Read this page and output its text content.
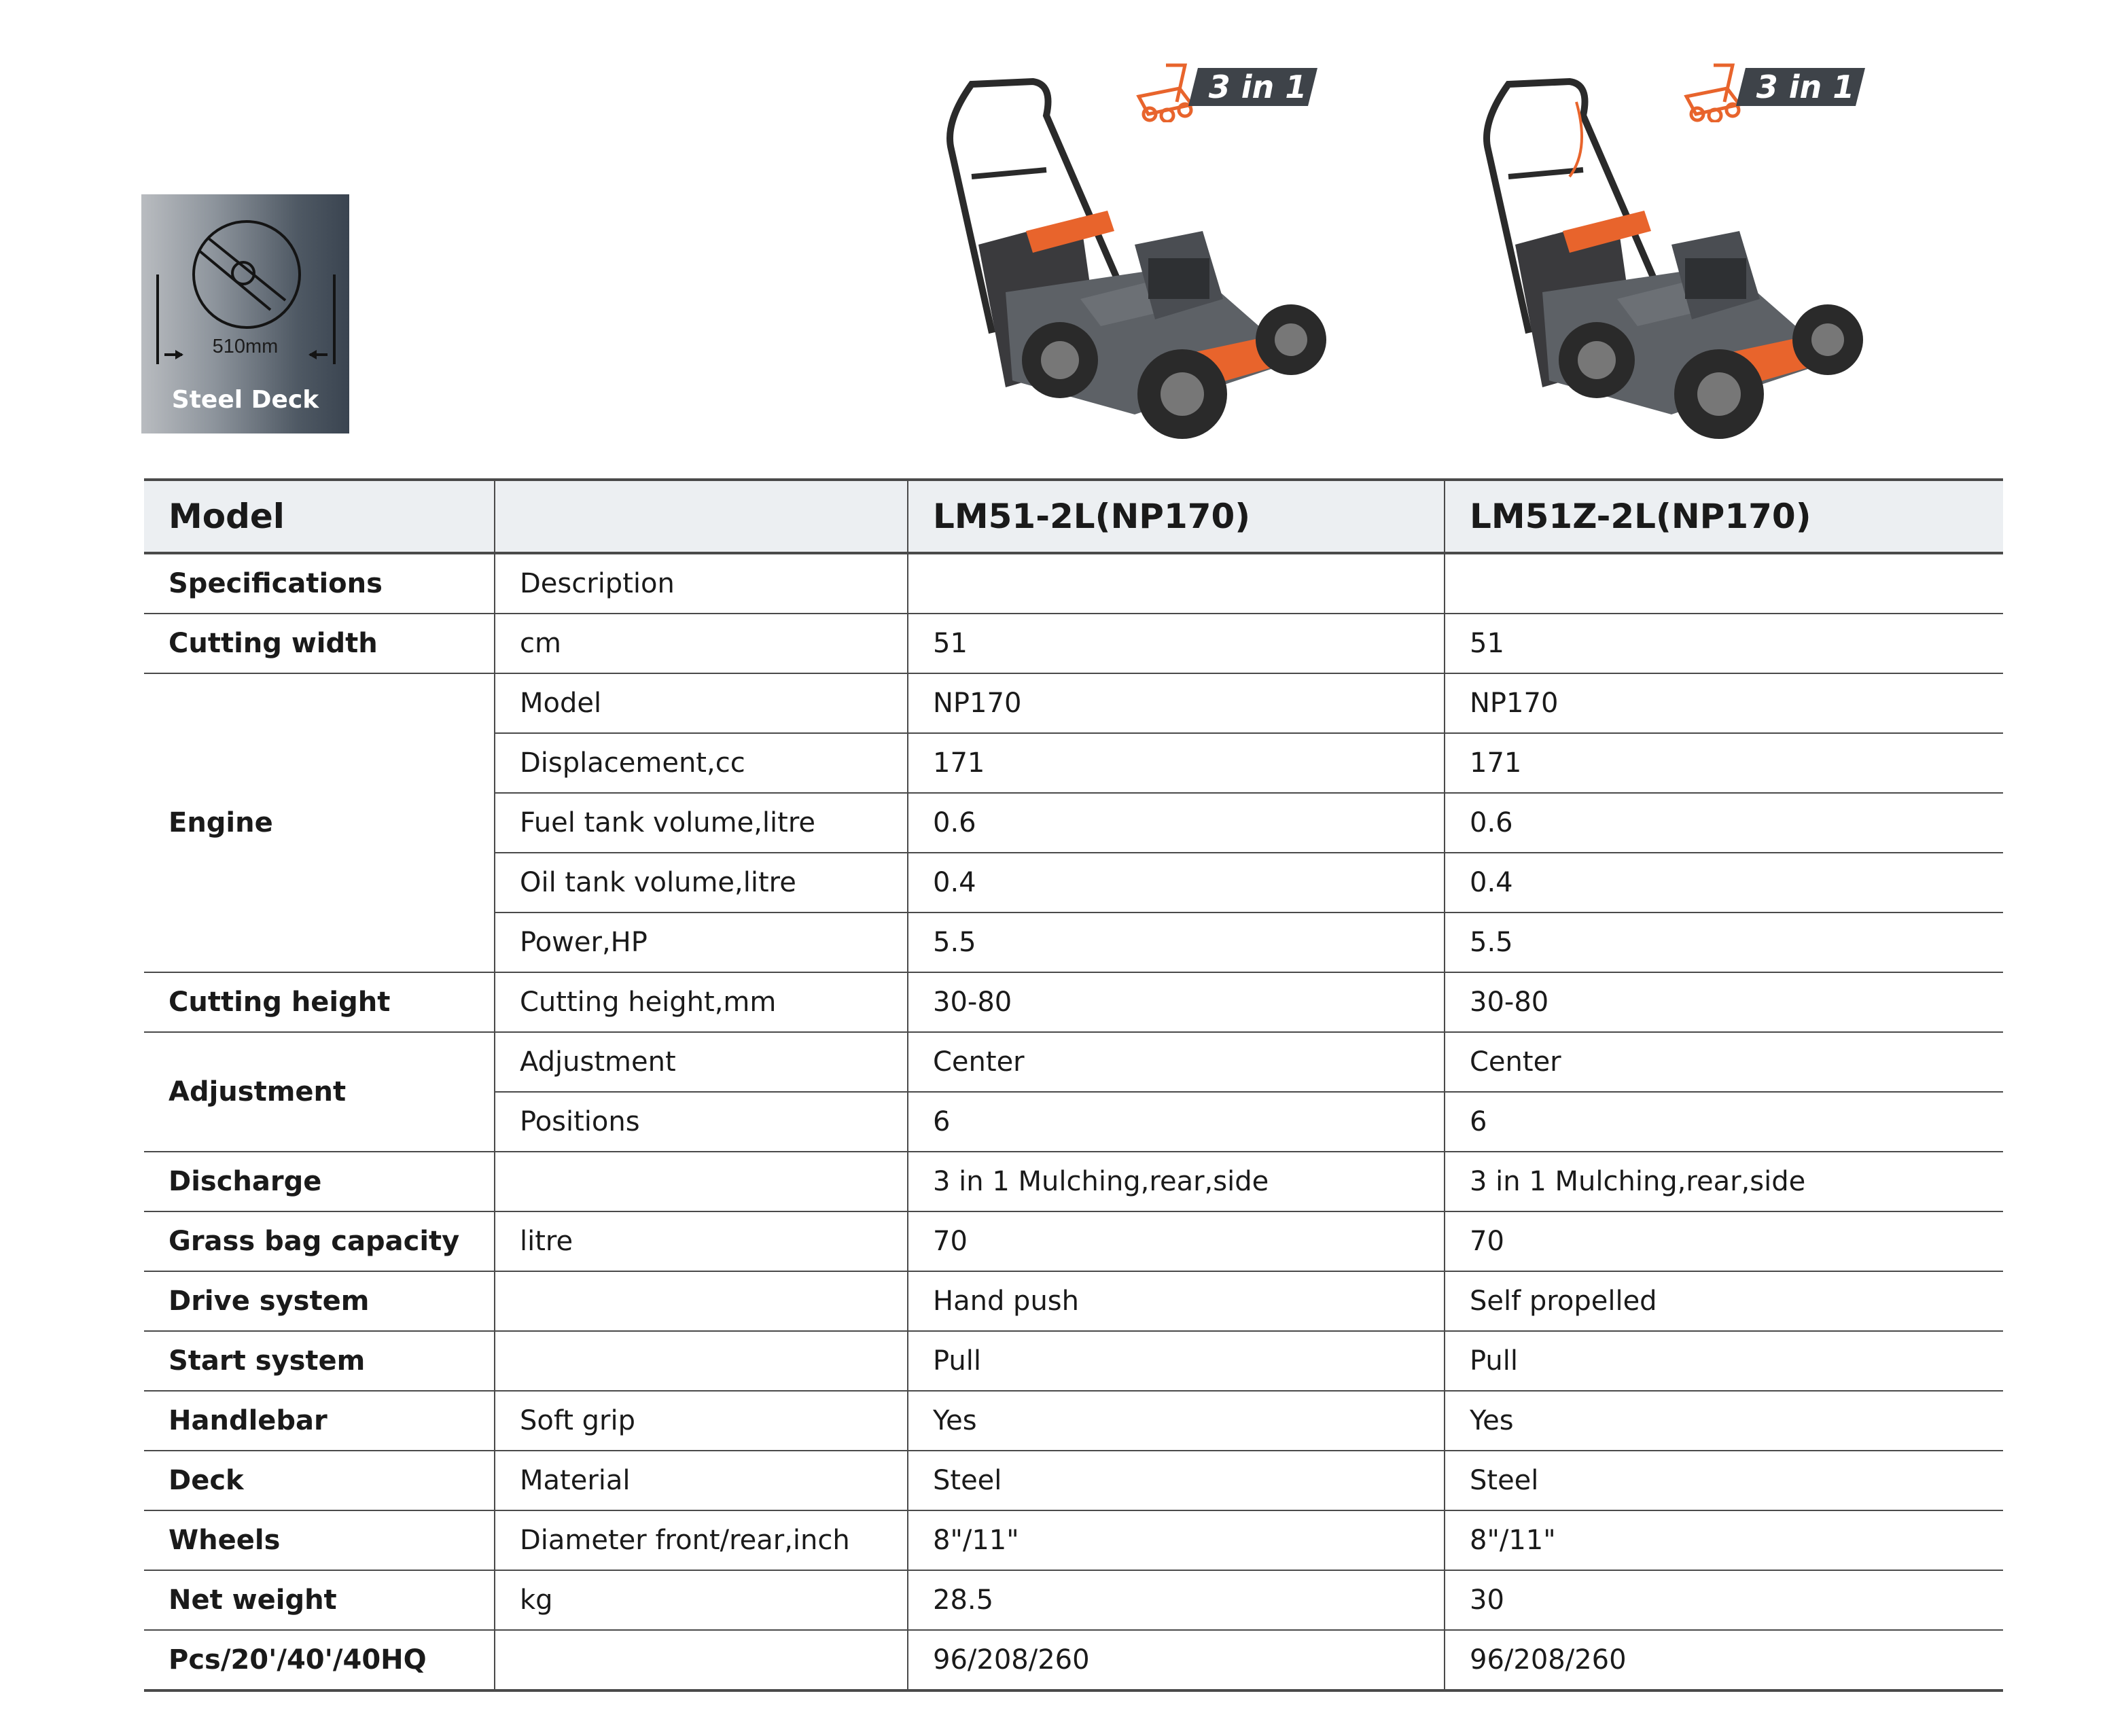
510mm
Steel Deck
3 in 1	3 in 1
Model		LM51-2L(NP170)	LM51Z-2L(NP170)
Specifications	Description		
Cutting width	cm	51	51
Engine	Model	NP170	NP170
	Displacement,cc	171	171
	Fuel tank volume,litre	0.6	0.6
	Oil tank volume,litre	0.4	0.4
	Power,HP	5.5	5.5
Cutting height	Cutting height,mm	30-80	30-80
Adjustment	Adjustment	Center	Center
	Positions	6	6
Discharge		3 in 1 Mulching,rear,side	3 in 1 Mulching,rear,side
Grass bag capacity	litre	70	70
Drive system		Hand push	Self propelled
Start system		Pull	Pull
Handlebar	Soft grip	Yes	Yes
Deck	Material	Steel	Steel
Wheels	Diameter front/rear,inch	8"/11"	8"/11"
Net weight	kg	28.5	30
Pcs/20'/40'/40HQ		96/208/260	96/208/260
